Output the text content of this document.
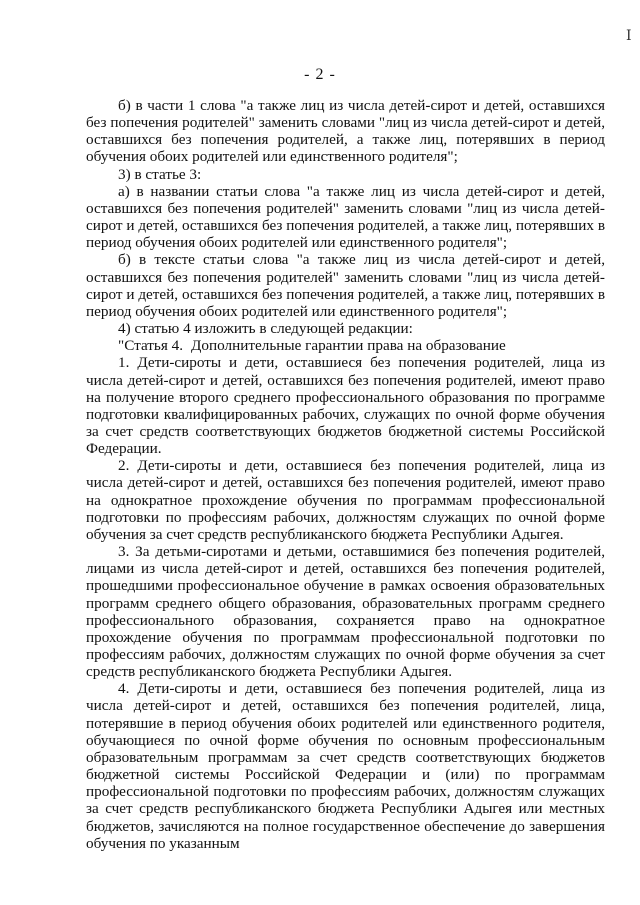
Ⅰ
- 2 -

б) в части 1 слова "а также лиц из числа детей-сирот и детей, оставшихся без попечения родителей" заменить словами "лиц из числа детей-сирот и детей, оставшихся без попечения родителей, а также лиц, потерявших в период обучения обоих родителей или единственного родителя";

3) в статье 3:

а) в названии статьи слова "а также лиц из числа детей-сирот и детей, оставшихся без попечения родителей" заменить словами "лиц из числа детей-сирот и детей, оставшихся без попечения родителей, а также лиц, потерявших в период обучения обоих родителей или единственного родителя";

б) в тексте статьи слова "а также лиц из числа детей-сирот и детей, оставшихся без попечения родителей" заменить словами "лиц из числа детей-сирот и детей, оставшихся без попечения родителей, а также лиц, потерявших в период обучения обоих родителей или единственного родителя";

4) статью 4 изложить в следующей редакции:

"Статья 4. Дополнительные гарантии права на образование

1. Дети-сироты и дети, оставшиеся без попечения родителей, лица из числа детей-сирот и детей, оставшихся без попечения родителей, имеют право на получение второго среднего профессионального образования по программе подготовки квалифицированных рабочих, служащих по очной форме обучения за счет средств соответствующих бюджетов бюджетной системы Российской Федерации.

2. Дети-сироты и дети, оставшиеся без попечения родителей, лица из числа детей-сирот и детей, оставшихся без попечения родителей, имеют право на однократное прохождение обучения по программам профессиональной подготовки по профессиям рабочих, должностям служащих по очной форме обучения за счет средств республиканского бюджета Республики Адыгея.

3. За детьми-сиротами и детьми, оставшимися без попечения родителей, лицами из числа детей-сирот и детей, оставшихся без попечения родителей, прошедшими профессиональное обучение в рамках освоения образовательных программ среднего общего образования, образовательных программ среднего профессионального образования, сохраняется право на однократное прохождение обучения по программам профессиональной подготовки по профессиям рабочих, должностям служащих по очной форме обучения за счет средств республиканского бюджета Республики Адыгея.

4. Дети-сироты и дети, оставшиеся без попечения родителей, лица из числа детей-сирот и детей, оставшихся без попечения родителей, лица, потерявшие в период обучения обоих родителей или единственного родителя, обучающиеся по очной форме обучения по основным профессиональным образовательным программам за счет средств соответствующих бюджетов бюджетной системы Российской Федерации и (или) по программам профессиональной подготовки по профессиям рабочих, должностям служащих за счет средств республиканского бюджета Республики Адыгея или местных бюджетов, зачисляются на полное государственное обеспечение до завершения обучения по указанным
